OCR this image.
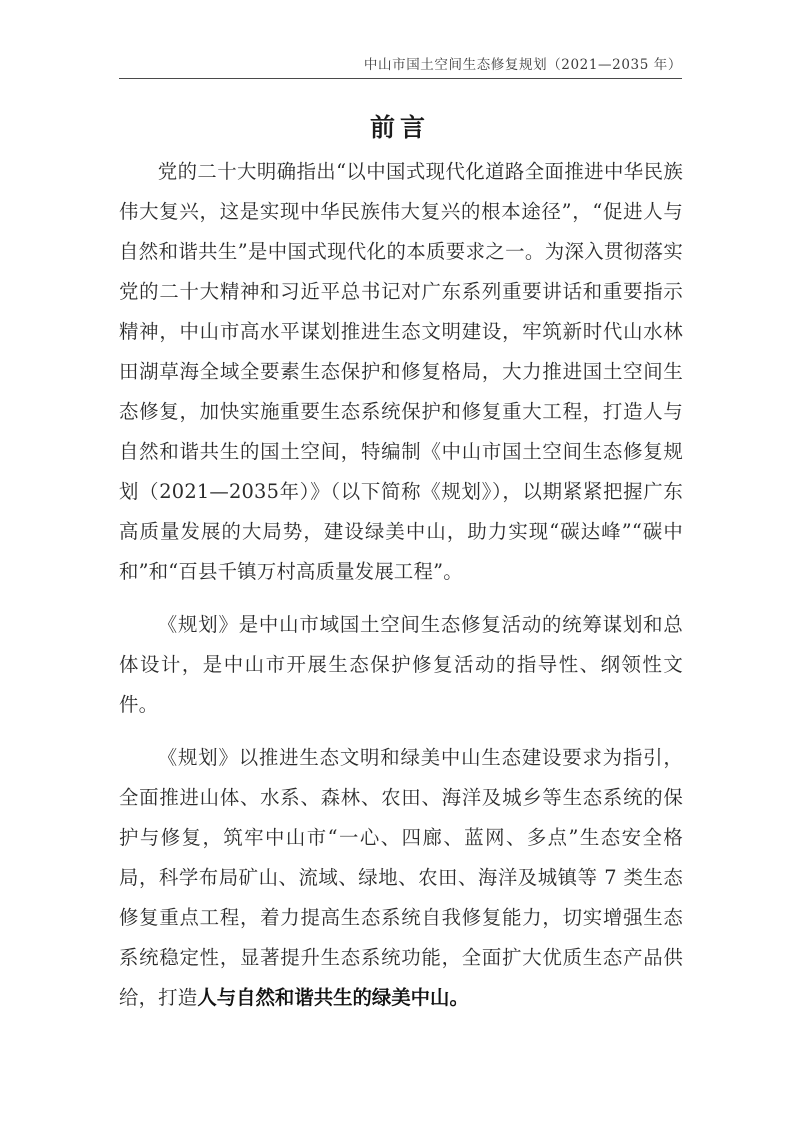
中山市国土空间生态修复规划（2021—2035 年）
前言

党的二十大明确指出“以中国式现代化道路全面推进中华民族伟大复兴，这是实现中华民族伟大复兴的根本途径”，“促进人与自然和谐共生”是中国式现代化的本质要求之一。为深入贯彻落实党的二十大精神和习近平总书记对广东系列重要讲话和重要指示精神，中山市高水平谋划推进生态文明建设，牢筑新时代山水林田湖草海全域全要素生态保护和修复格局，大力推进国土空间生态修复，加快实施重要生态系统保护和修复重大工程，打造人与自然和谐共生的国土空间，特编制《中山市国土空间生态修复规划（2021—2035年）》（以下简称《规划》），以期紧紧把握广东高质量发展的大局势，建设绿美中山，助力实现“碳达峰”“碳中和”和“百县千镇万村高质量发展工程”。

《规划》是中山市域国土空间生态修复活动的统筹谋划和总体设计，是中山市开展生态保护修复活动的指导性、纲领性文件。

《规划》以推进生态文明和绿美中山生态建设要求为指引，全面推进山体、水系、森林、农田、海洋及城乡等生态系统的保护与修复，筑牢中山市“一心、四廊、蓝网、多点”生态安全格局，科学布局矿山、流域、绿地、农田、海洋及城镇等 7 类生态修复重点工程，着力提高生态系统自我修复能力，切实增强生态系统稳定性，显著提升生态系统功能，全面扩大优质生态产品供给，打造人与自然和谐共生的绿美中山。
